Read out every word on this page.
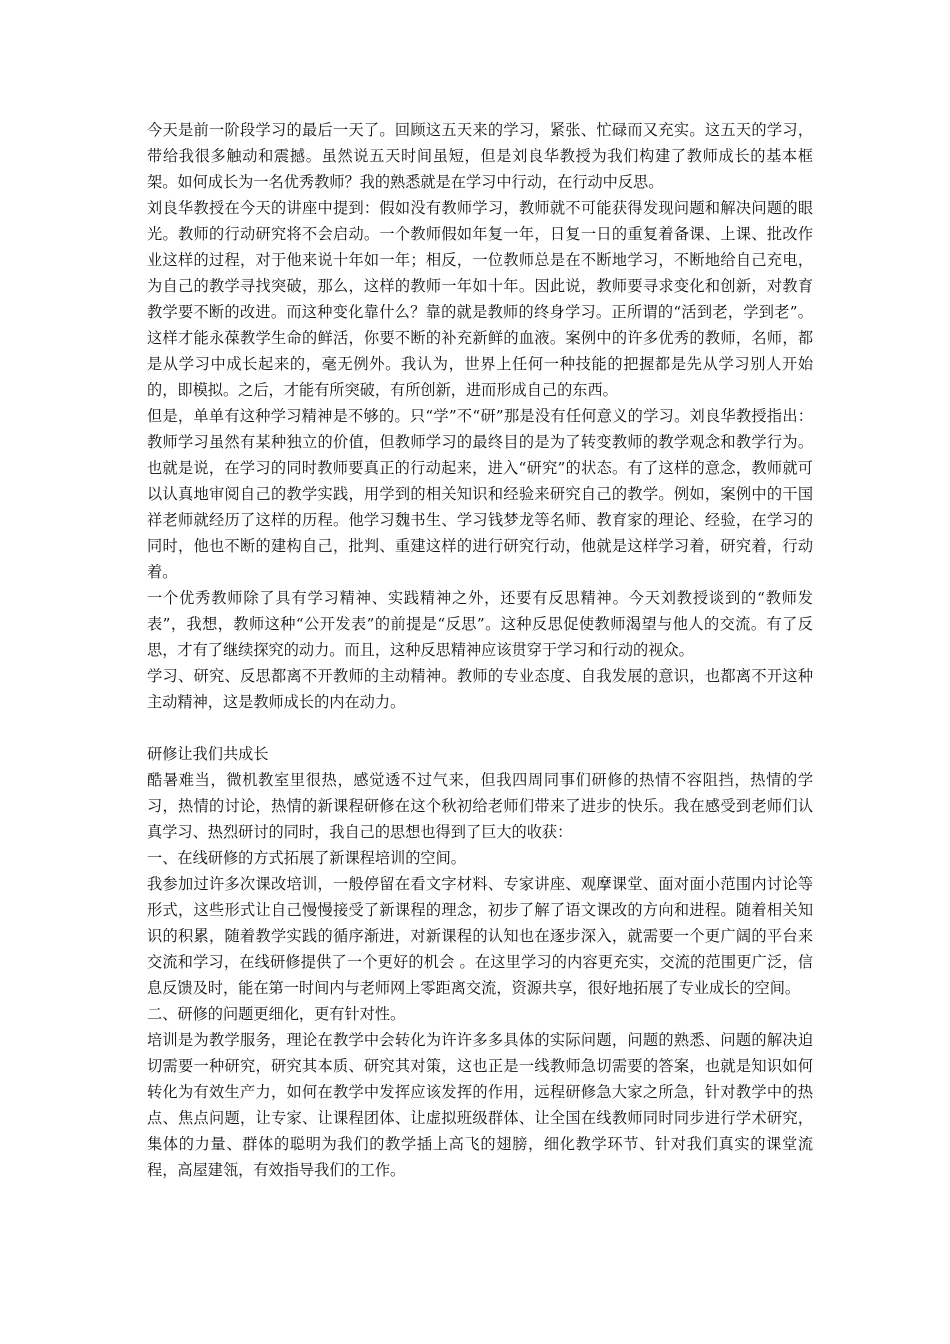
今天是前一阶段学习的最后一天了。回顾这五天来的学习，紧张、忙碌而又充实。这五天的学习，带给我很多触动和震撼。虽然说五天时间虽短，但是刘良华教授为我们构建了教师成长的基本框架。如何成长为一名优秀教师？我的熟悉就是在学习中行动，在行动中反思。

刘良华教授在今天的讲座中提到：假如没有教师学习，教师就不可能获得发现问题和解决问题的眼光。教师的行动研究将不会启动。一个教师假如年复一年，日复一日的重复着备课、上课、批改作业这样的过程，对于他来说十年如一年；相反，一位教师总是在不断地学习，不断地给自己充电，为自己的教学寻找突破，那么，这样的教师一年如十年。因此说，教师要寻求变化和创新，对教育教学要不断的改进。而这种变化靠什么？靠的就是教师的终身学习。正所谓的“活到老，学到老”。这样才能永葆教学生命的鲜活，你要不断的补充新鲜的血液。案例中的许多优秀的教师，名师，都是从学习中成长起来的，毫无例外。我认为，世界上任何一种技能的把握都是先从学习别人开始的，即模拟。之后，才能有所突破，有所创新，进而形成自己的东西。

但是，单单有这种学习精神是不够的。只“学”不“研”那是没有任何意义的学习。刘良华教授指出：教师学习虽然有某种独立的价值，但教师学习的最终目的是为了转变教师的教学观念和教学行为。也就是说，在学习的同时教师要真正的行动起来，进入“研究”的状态。有了这样的意念，教师就可以认真地审阅自己的教学实践，用学到的相关知识和经验来研究自己的教学。例如，案例中的干国祥老师就经历了这样的历程。他学习魏书生、学习钱梦龙等名师、教育家的理论、经验，在学习的同时，他也不断的建构自己，批判、重建这样的进行研究行动，他就是这样学习着，研究着，行动着。

一个优秀教师除了具有学习精神、实践精神之外，还要有反思精神。今天刘教授谈到的“教师发表”，我想，教师这种“公开发表”的前提是“反思”。这种反思促使教师渴望与他人的交流。有了反思，才有了继续探究的动力。而且，这种反思精神应该贯穿于学习和行动的视众。

学习、研究、反思都离不开教师的主动精神。教师的专业态度、自我发展的意识，也都离不开这种主动精神，这是教师成长的内在动力。

研修让我们共成长

酷暑难当，微机教室里很热，感觉透不过气来，但我四周同事们研修的热情不容阻挡，热情的学习，热情的讨论，热情的新课程研修在这个秋初给老师们带来了进步的快乐。我在感受到老师们认真学习、热烈研讨的同时，我自己的思想也得到了巨大的收获：

一、在线研修的方式拓展了新课程培训的空间。

我参加过许多次课改培训，一般停留在看文字材料、专家讲座、观摩课堂、面对面小范围内讨论等形式，这些形式让自己慢慢接受了新课程的理念，初步了解了语文课改的方向和进程。随着相关知识的积累，随着教学实践的循序渐进，对新课程的认知也在逐步深入，就需要一个更广阔的平台来交流和学习，在线研修提供了一个更好的机会 。在这里学习的内容更充实，交流的范围更广泛，信息反馈及时，能在第一时间内与老师网上零距离交流，资源共享，很好地拓展了专业成长的空间。

二、研修的问题更细化，更有针对性。

培训是为教学服务，理论在教学中会转化为许许多多具体的实际问题，问题的熟悉、问题的解决迫切需要一种研究，研究其本质、研究其对策，这也正是一线教师急切需要的答案，也就是知识如何转化为有效生产力，如何在教学中发挥应该发挥的作用，远程研修急大家之所急，针对教学中的热点、焦点问题，让专家、让课程团体、让虚拟班级群体、让全国在线教师同时同步进行学术研究，集体的力量、群体的聪明为我们的教学插上高飞的翅膀，细化教学环节、针对我们真实的课堂流程，高屋建瓴，有效指导我们的工作。
